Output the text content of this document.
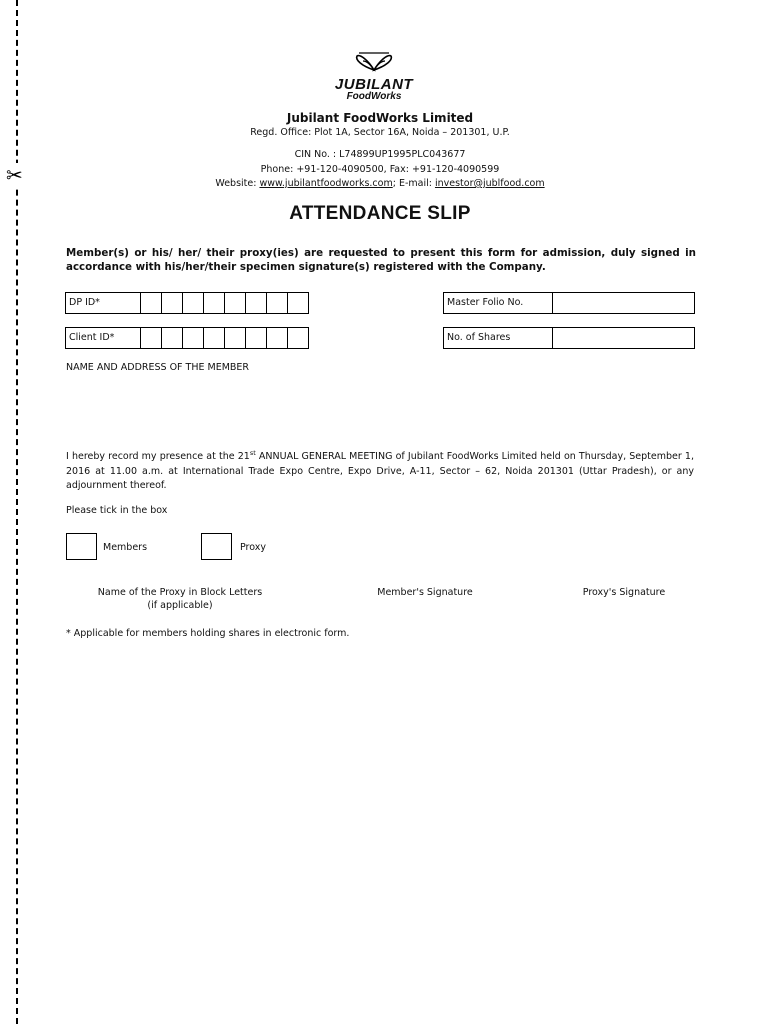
✂
JUBILANT
FoodWorks
Jubilant FoodWorks Limited
Regd. Office: Plot 1A, Sector 16A, Noida – 201301, U.P.
CIN No. : L74899UP1995PLC043677
Phone: +91-120-4090500, Fax: +91-120-4090599
Website: www.jubilantfoodworks.com; E-mail: investor@jublfood.com
ATTENDANCE SLIP
Member(s) or his/ her/ their proxy(ies) are requested to present this form for admission, duly signed in accordance with his/her/their specimen signature(s) registered with the Company.
DP ID*
Client ID*
Master Folio No.
No. of Shares
NAME AND ADDRESS OF THE MEMBER
I hereby record my presence at the 21st ANNUAL GENERAL MEETING of Jubilant FoodWorks Limited held on Thursday, September 1, 2016 at 11.00 a.m. at International Trade Expo Centre, Expo Drive, A-11, Sector – 62, Noida 201301 (Uttar Pradesh), or any adjournment thereof.
Please tick in the box
Members	Proxy
Name of the Proxy in Block Letters
(if applicable)
Member's Signature	Proxy's Signature
* Applicable for members holding shares in electronic form.
